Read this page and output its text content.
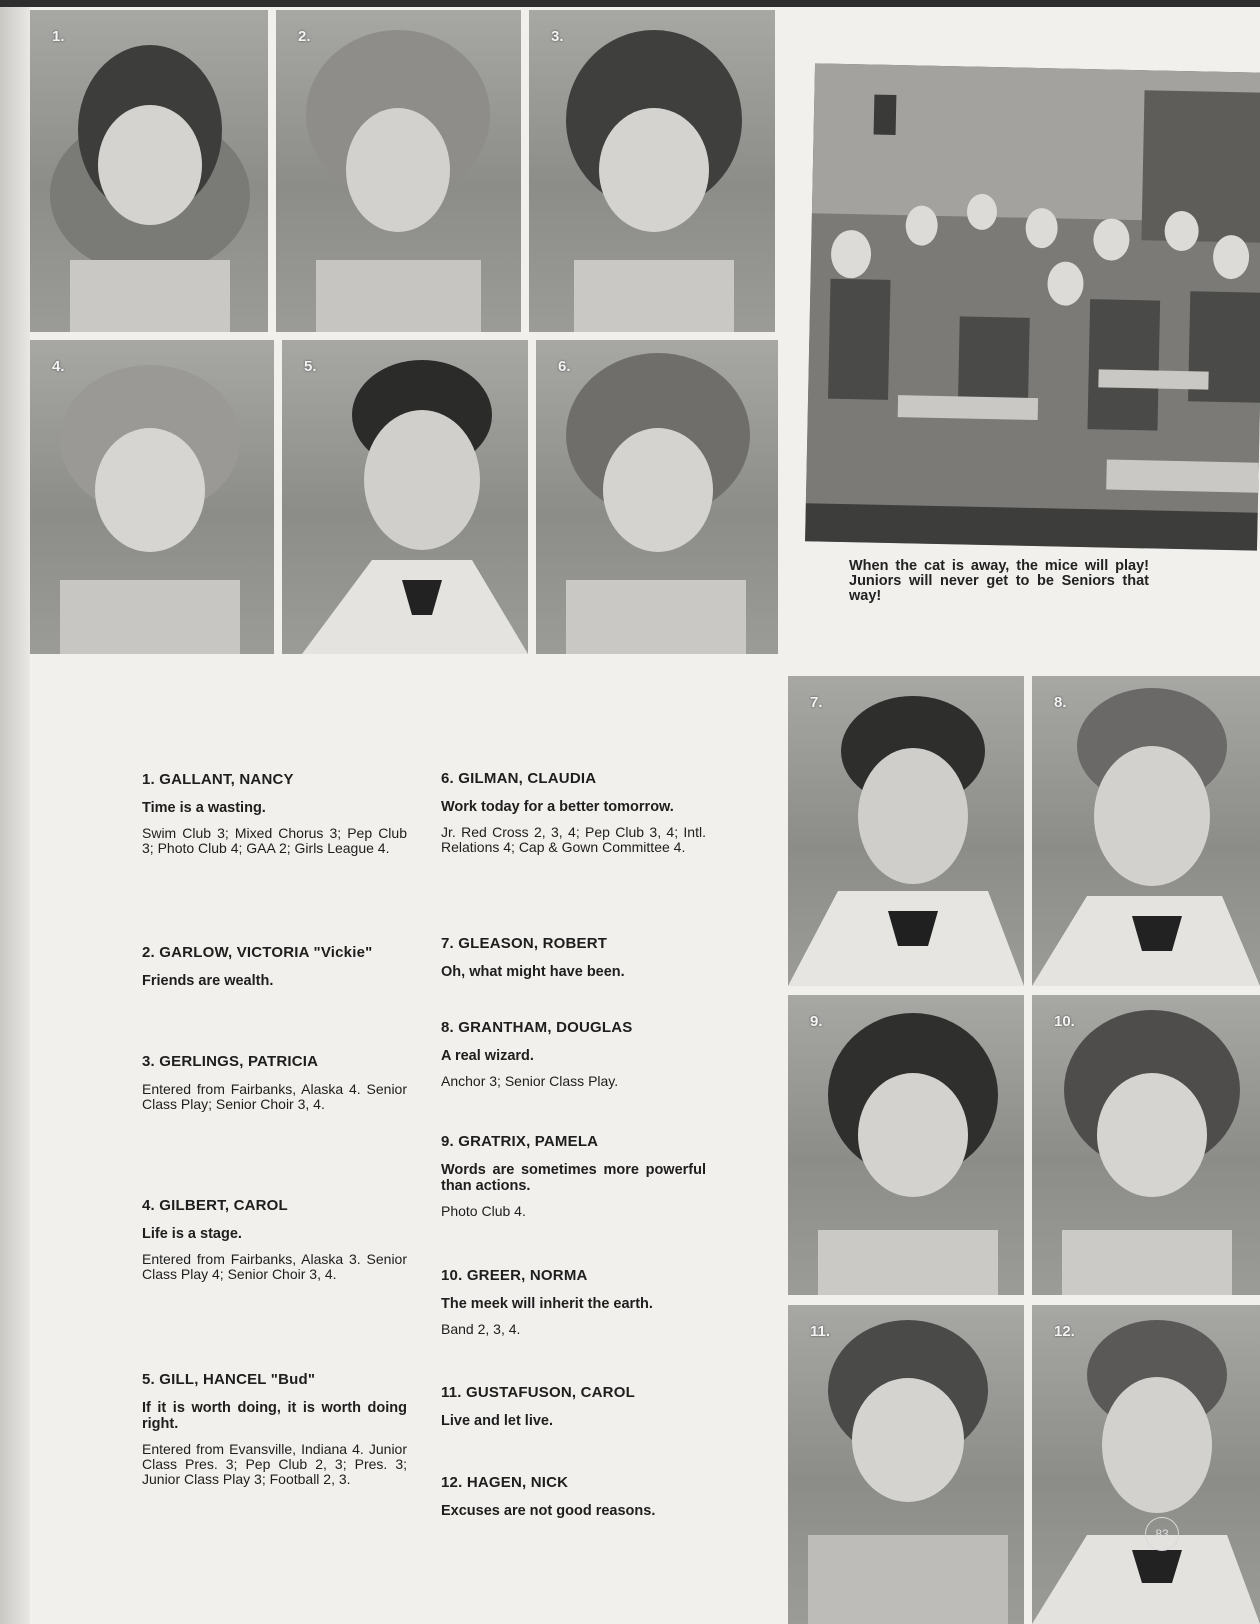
1.	2.	3.
4.	5.	6.
When the cat is away, the mice will play! Juniors will never get to be Seniors that way!
7.	8.
9.	10.
11.	12.
83

1. GALLANT, NANCY

Time is a wasting.

Swim Club 3; Mixed Chorus 3; Pep Club 3; Photo Club 4; GAA 2; Girls League 4.

2. GARLOW, VICTORIA "Vickie"

Friends are wealth.

3. GERLINGS, PATRICIA

Entered from Fairbanks, Alaska 4. Senior Class Play; Senior Choir 3, 4.

4. GILBERT, CAROL

Life is a stage.

Entered from Fairbanks, Alaska 3. Senior Class Play 4; Senior Choir 3, 4.

5. GILL, HANCEL "Bud"

If it is worth doing, it is worth doing right.

Entered from Evansville, Indiana 4. Junior Class Pres. 3; Pep Club 2, 3; Pres. 3; Junior Class Play 3; Football 2, 3.

6. GILMAN, CLAUDIA

Work today for a better tomorrow.

Jr. Red Cross 2, 3, 4; Pep Club 3, 4; Intl. Relations 4; Cap & Gown Committee 4.

7. GLEASON, ROBERT

Oh, what might have been.

8. GRANTHAM, DOUGLAS

A real wizard.

Anchor 3; Senior Class Play.

9. GRATRIX, PAMELA

Words are sometimes more powerful than actions.

Photo Club 4.

10. GREER, NORMA

The meek will inherit the earth.

Band 2, 3, 4.

11. GUSTAFUSON, CAROL

Live and let live.

12. HAGEN, NICK

Excuses are not good reasons.
